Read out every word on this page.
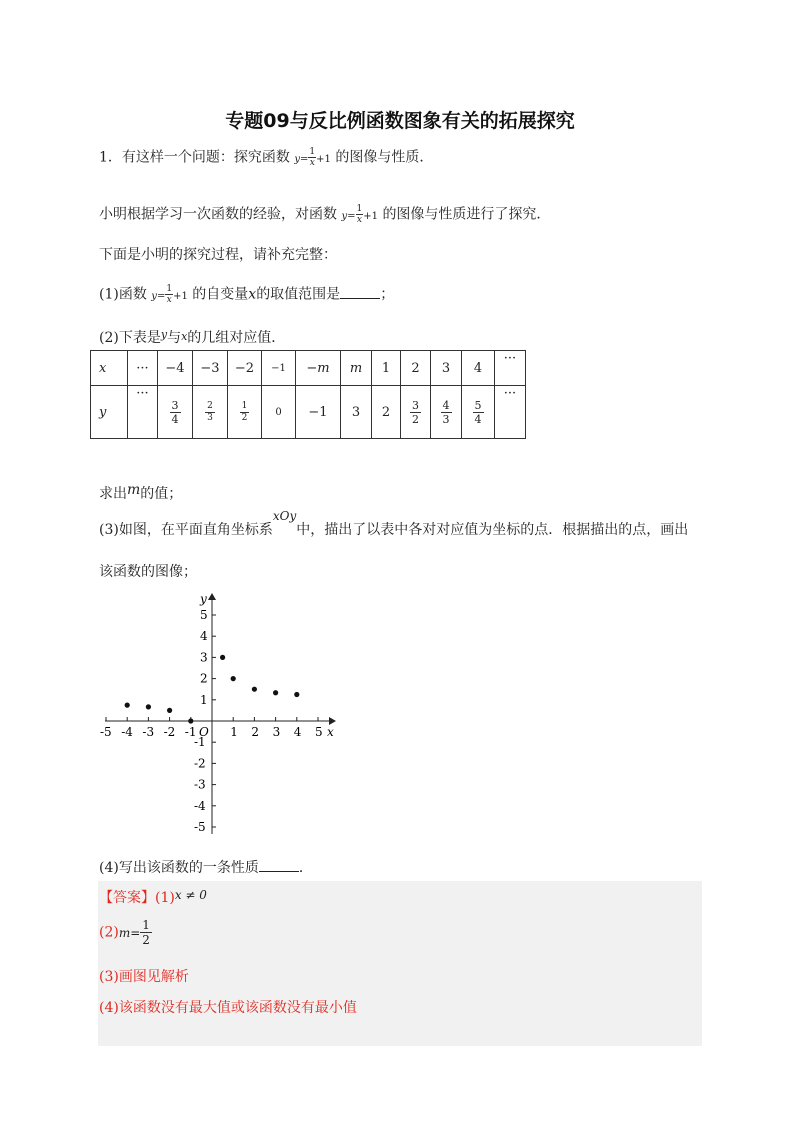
专题09与反比例函数图象有关的拓展探究
1．有这样一个问题：探究函数 $y= \frac{1}{x} +1$ 的图像与性质．
小明根据学习一次函数的经验，对函数 $y= \frac{1}{x} +1$ 的图像与性质进行了探究．
下面是小明的探究过程，请补充完整：
(1)函数 $y= \frac{1}{x} +1$ 的自变量x的取值范围是	；
(2)下表是$^y$与x的几组对应值．
x	···	−4	−3	−2	−1	−m	m	1	2	3	4	···
y	···	$\frac{3}{4}$	$\frac{2}{3}$	$\frac{1}{2}$	0	−1	3	2	$\frac{3}{2}$	$\frac{4}{3}$	$\frac{5}{4}$	···
求出m的值；
(3)如图，在平面直角坐标系xOy中，描出了以表中各对对应值为坐标的点．根据描出的点，画出
该函数的图像；
-5 -4 -3 -2 -1	1 2 3 4 5
5
4
3
2
1
-1
-2
-3
-4
-5
x
y
O
(4)写出该函数的一条性质	．
【答案】(1)x ≠ 0
$(2)m= \frac{1}{2}$
(3)画图见解析
(4)该函数没有最大值或该函数没有最小值
